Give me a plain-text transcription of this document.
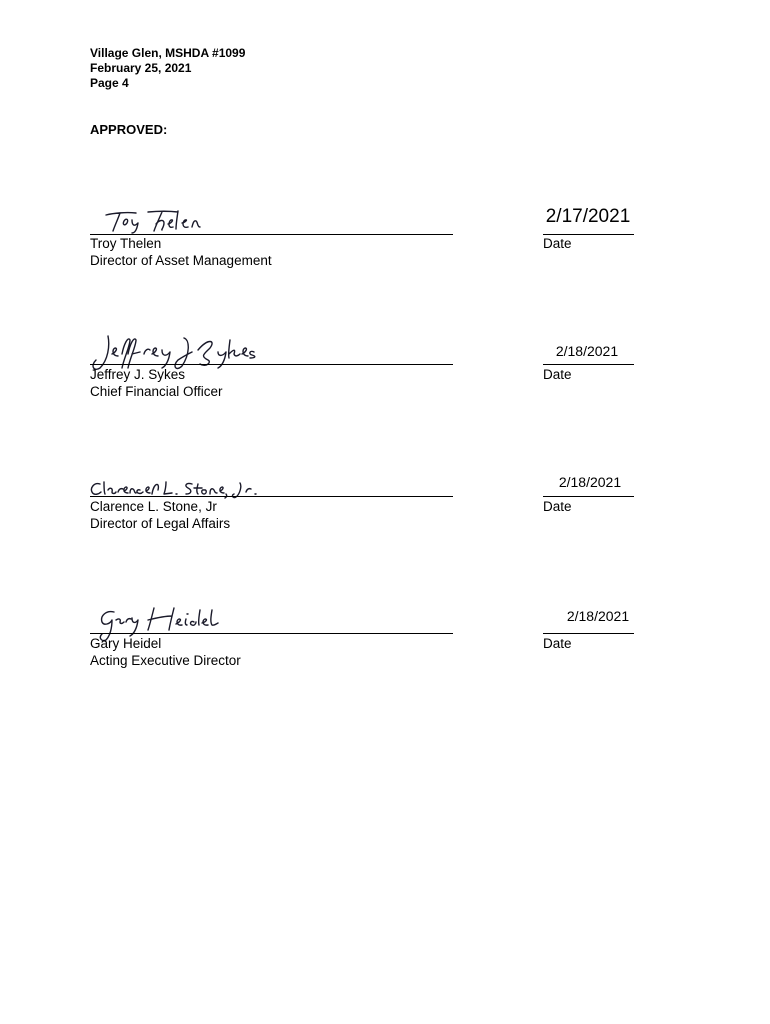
Village Glen, MSHDA #1099
February 25, 2021
Page 4
APPROVED:
2/17/2021
Troy Thelen
Director of Asset Management
Date
2/18/2021
Jeffrey J. Sykes
Chief Financial Officer
Date
2/18/2021
Clarence L. Stone, Jr
Director of Legal Affairs
Date
2/18/2021
Gary Heidel
Acting Executive Director
Date
